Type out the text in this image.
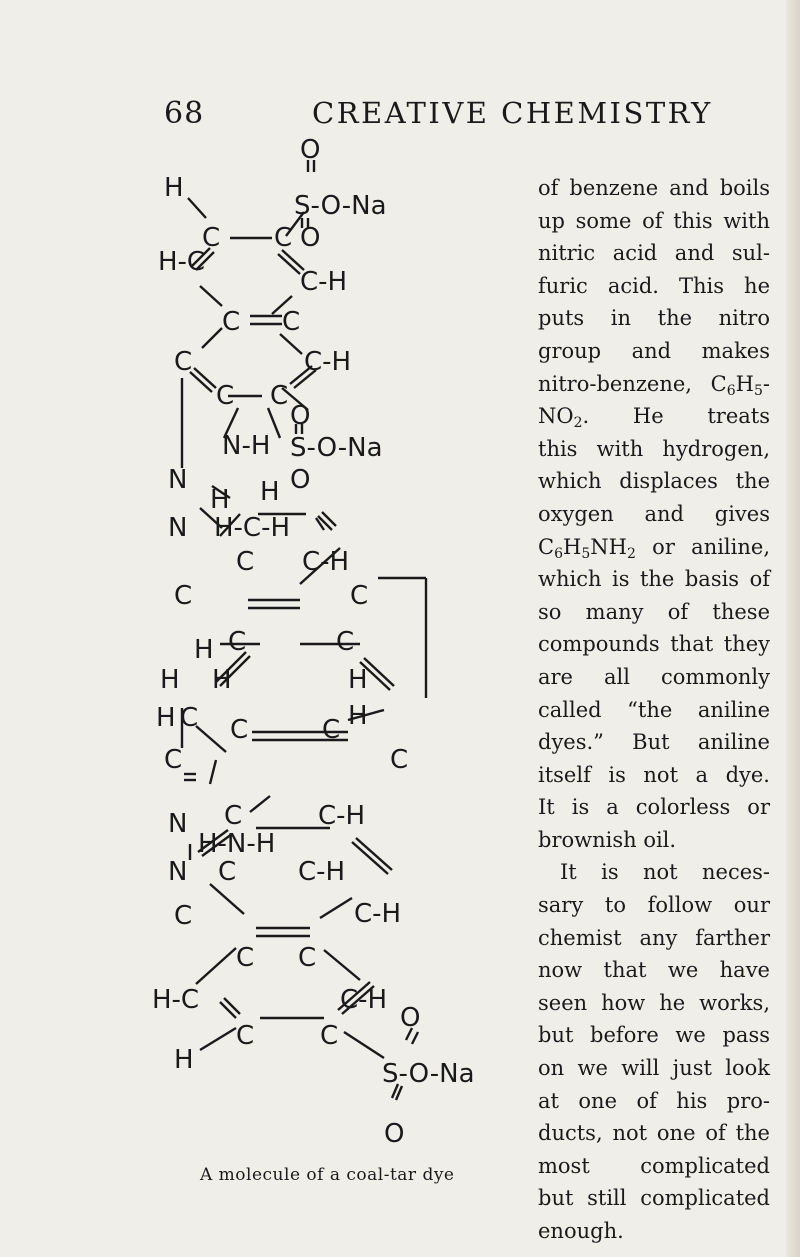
68	CREATIVE CHEMISTRY
O
H
S-O-Na
C C O
H-C
C-H
C C
C	C-H
C C
O
S-O-Na
N-H
O
N	H
H
N H-C-H
C C-H
C	C
C	C
H
H H	H
H C C	C H
C	C
C	C-H
N
H-N-H
N C C-H
C	C-H
C C
H-C	C-H
C	C
O
H	S-O-Na
O
A molecule of a coal-tar dye
of benzene and boils
up some of this with
nitric acid and sul-
furic acid. This he
puts in the nitro
group and makes
nitro-benzene, $C_6H_5-$
$NO_2$. He treats
this with hydrogen,
which displaces the
oxygen and gives
$C_6H_5NH_2$ or aniline,
which is the basis of
so many of these
compounds that they
are all commonly
called “the aniline
dyes.” But aniline
itself is not a dye.
It is a colorless or
brownish oil.
It is not neces-
sary to follow our
chemist any farther
now that we have
seen how he works,
but before we pass
on we will just look
at one of his pro-
ducts, not one of the
most complicated
but still complicated
enough.
